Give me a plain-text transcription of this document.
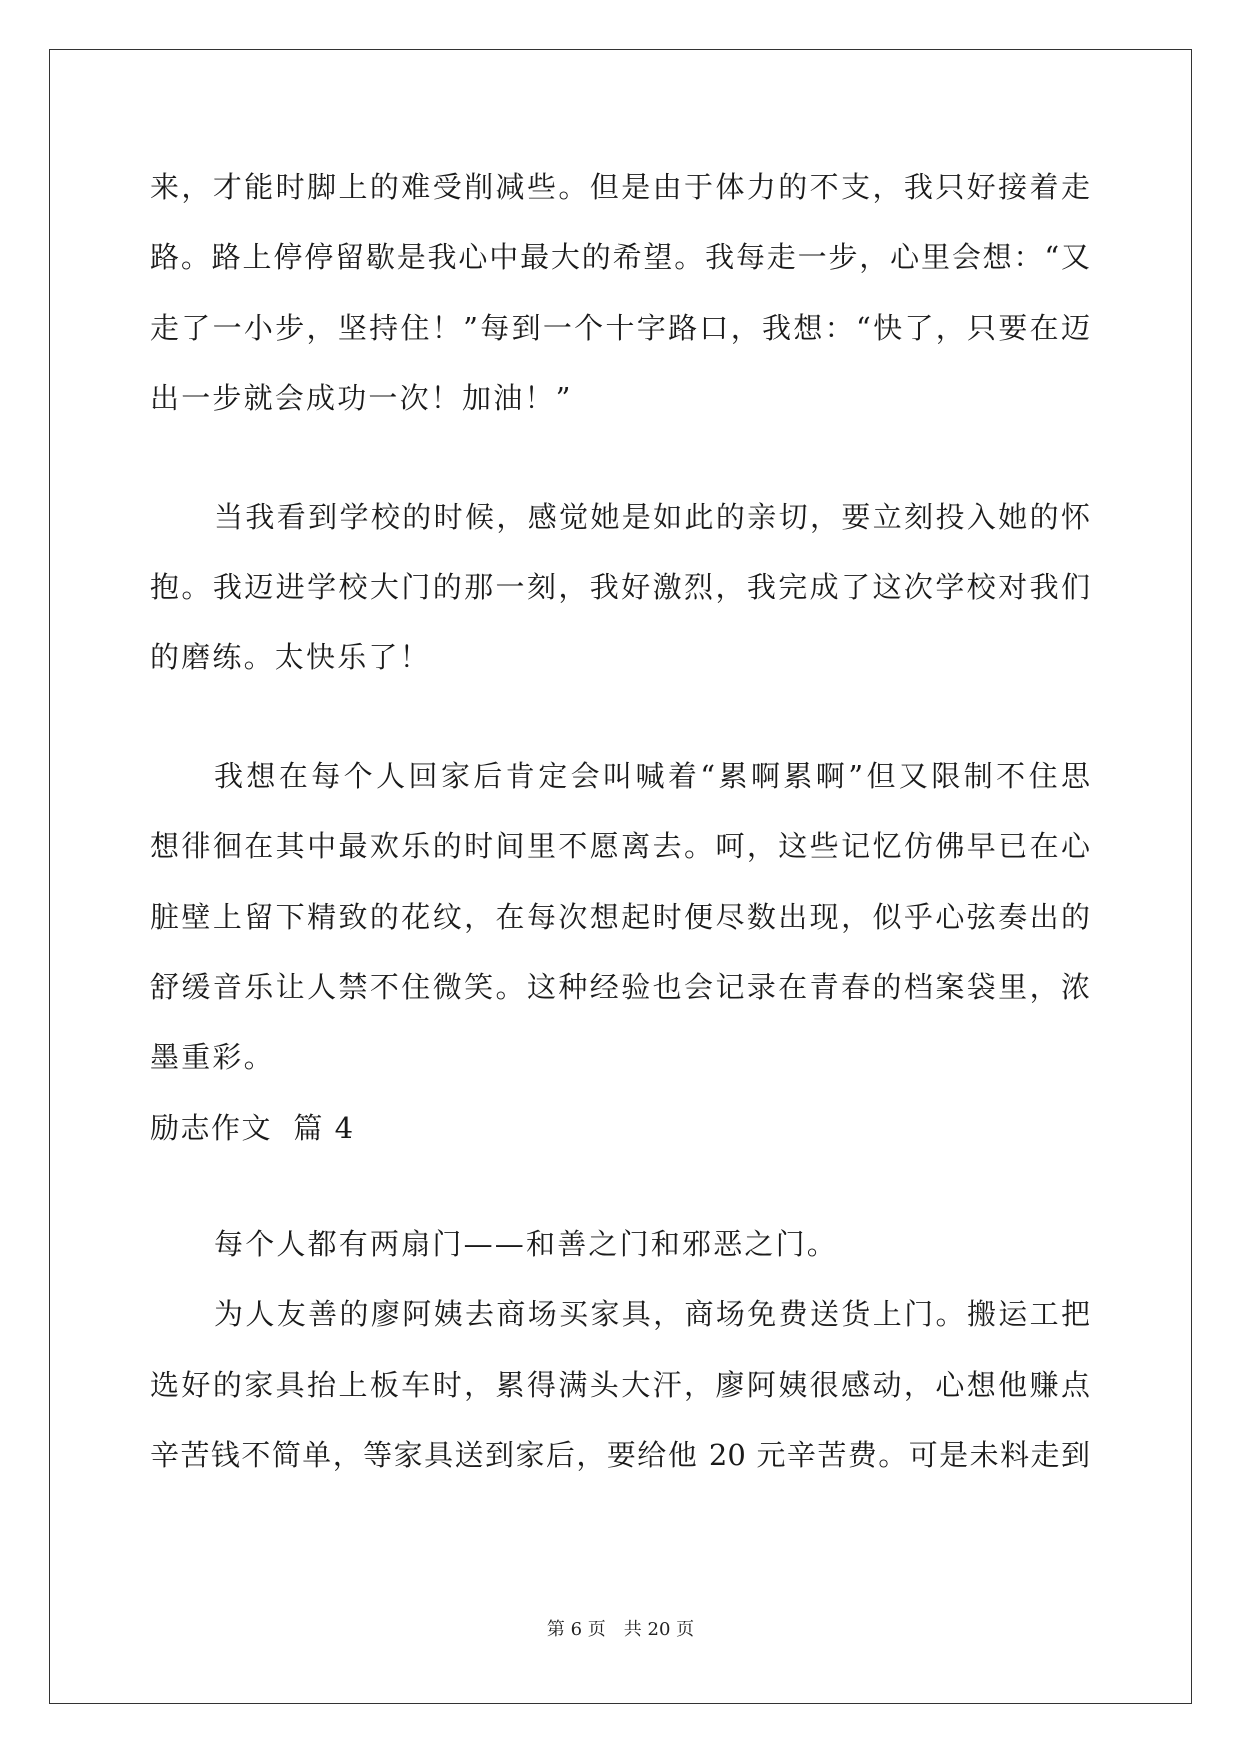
来，才能时脚上的难受削减些。但是由于体力的不支，我只好接着走
路。路上停停留歇是我心中最大的希望。我每走一步，心里会想：“又
走了一小步，坚持住！”每到一个十字路口，我想：“快了，只要在迈
出一步就会成功一次！加油！”
当我看到学校的时候，感觉她是如此的亲切，要立刻投入她的怀
抱。我迈进学校大门的那一刻，我好激烈，我完成了这次学校对我们
的磨练。太快乐了！
我想在每个人回家后肯定会叫喊着“累啊累啊”但又限制不住思
想徘徊在其中最欢乐的时间里不愿离去。呵，这些记忆仿佛早已在心
脏壁上留下精致的花纹，在每次想起时便尽数出现，似乎心弦奏出的
舒缓音乐让人禁不住微笑。这种经验也会记录在青春的档案袋里，浓
墨重彩。
励志作文  篇 4
每个人都有两扇门——和善之门和邪恶之门。
为人友善的廖阿姨去商场买家具，商场免费送货上门。搬运工把
选好的家具抬上板车时，累得满头大汗，廖阿姨很感动，心想他赚点
辛苦钱不简单，等家具送到家后，要给他 20 元辛苦费。可是未料走到
第 6 页 共 20 页
